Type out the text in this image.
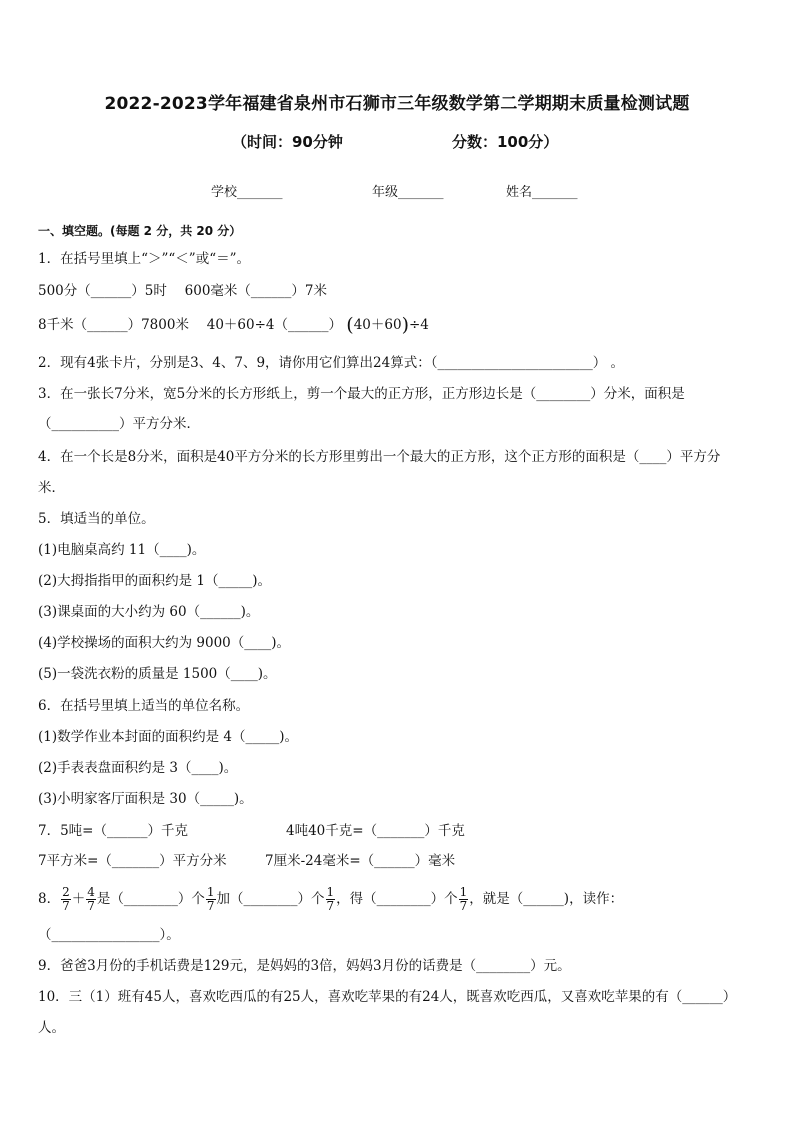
2022-2023学年福建省泉州市石狮市三年级数学第二学期期末质量检测试题
（时间：90分钟	分数：100分）
学校_______	年级_______	姓名_______
一、填空题。(每题 2 分，共 20 分）
1．在括号里填上“＞”“＜”或“＝”。
500分（______）5时　 600毫米（______）7米
8千米（______）7800米　 40＋60÷4（______） (40＋60)÷4
2．现有4张卡片，分别是3、4、7、9，请你用它们算出24算式：（_______________________） 。
3．在一张长7分米，宽5分米的长方形纸上，剪一个最大的正方形，正方形边长是（________）分米，面积是
（__________）平方分米．
4．在一个长是8分米，面积是40平方分米的长方形里剪出一个最大的正方形，这个正方形的面积是（____）平方分
米．
5．填适当的单位。
(1)电脑桌高约 11（____)。
(2)大拇指指甲的面积约是 1（_____)。
(3)课桌面的大小约为 60（______)。
(4)学校操场的面积大约为 9000（____)。
(5)一袋洗衣粉的质量是 1500（____)。
6．在括号里填上适当的单位名称。
(1)数学作业本封面的面积约是 4（_____)。
(2)手表表盘面积约是 3（____)。
(3)小明家客厅面积是 30（_____)。
7．5吨=（______）千克	4吨40千克=（_______）千克
7平方米=（_______）平方分米	7厘米-24毫米=（______）毫米
8． $\frac{2}{7} + \frac{4}{7}$ 是（________）个 $\frac{1}{7}$ 加（________）个 $\frac{1}{7}$ ，得（________）个 $\frac{1}{7}$ ，就是（______)，读作：
（________________）。
9．爸爸3月份的手机话费是129元，是妈妈的3倍，妈妈3月份的话费是（________）元。
10．三（1）班有45人，喜欢吃西瓜的有25人，喜欢吃苹果的有24人，既喜欢吃西瓜，又喜欢吃苹果的有（______）
人。
